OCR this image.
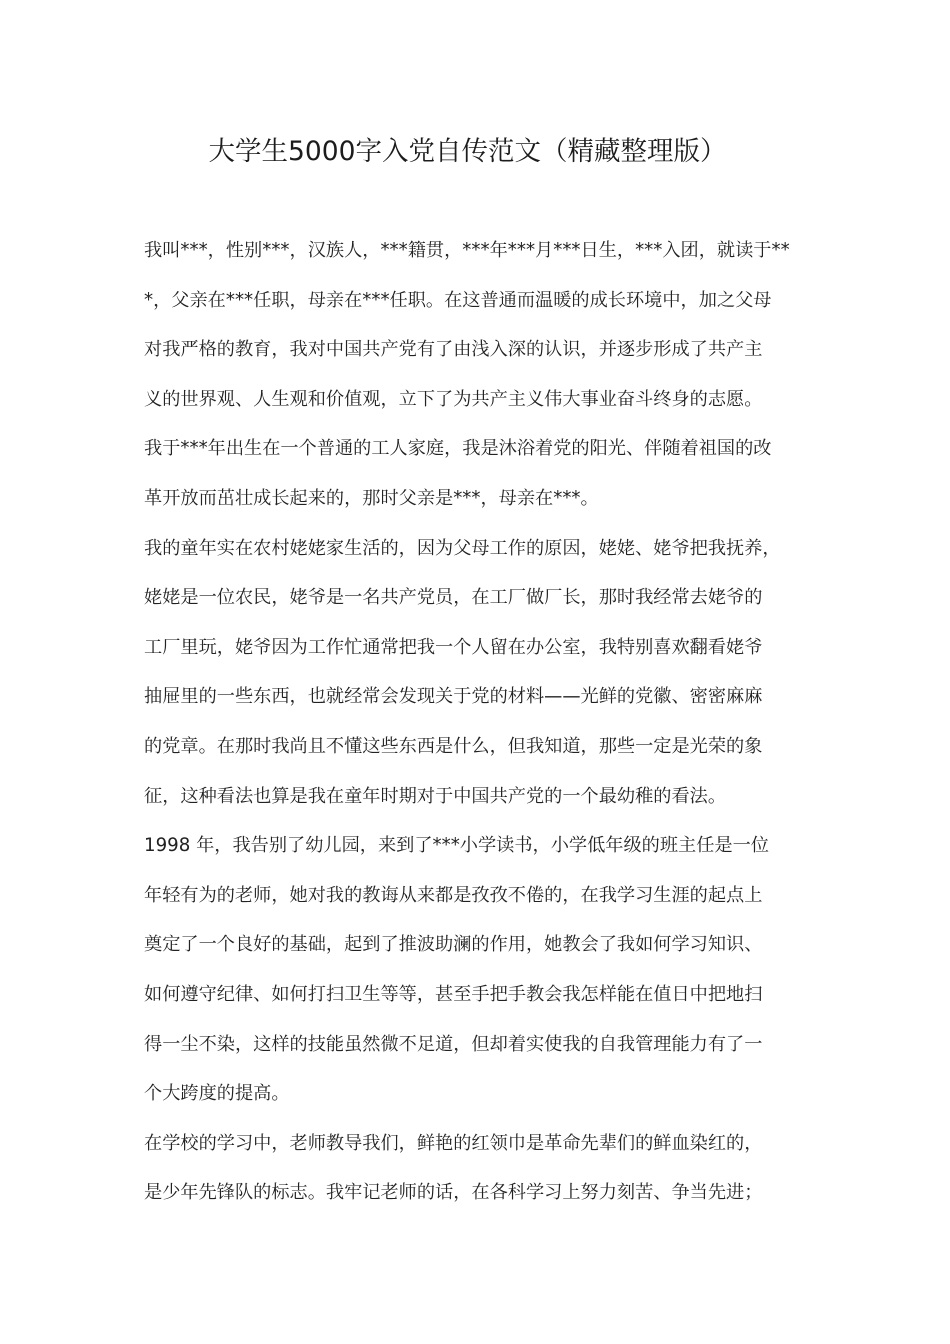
大学生5000字入党自传范文（精藏整理版）
我叫***，性别***，汉族人，***籍贯，***年***月***日生，***入团，就读于**
*，父亲在***任职，母亲在***任职。在这普通而温暖的成长环境中，加之父母
对我严格的教育，我对中国共产党有了由浅入深的认识，并逐步形成了共产主
义的世界观、人生观和价值观，立下了为共产主义伟大事业奋斗终身的志愿。
我于***年出生在一个普通的工人家庭，我是沐浴着党的阳光、伴随着祖国的改
革开放而茁壮成长起来的，那时父亲是***，母亲在***。
我的童年实在农村姥姥家生活的，因为父母工作的原因，姥姥、姥爷把我抚养，
姥姥是一位农民，姥爷是一名共产党员，在工厂做厂长，那时我经常去姥爷的
工厂里玩，姥爷因为工作忙通常把我一个人留在办公室，我特别喜欢翻看姥爷
抽屉里的一些东西，也就经常会发现关于党的材料——光鲜的党徽、密密麻麻
的党章。在那时我尚且不懂这些东西是什么，但我知道，那些一定是光荣的象
征，这种看法也算是我在童年时期对于中国共产党的一个最幼稚的看法。
1998 年，我告别了幼儿园，来到了***小学读书，小学低年级的班主任是一位
年轻有为的老师，她对我的教诲从来都是孜孜不倦的，在我学习生涯的起点上
奠定了一个良好的基础，起到了推波助澜的作用，她教会了我如何学习知识、
如何遵守纪律、如何打扫卫生等等，甚至手把手教会我怎样能在值日中把地扫
得一尘不染，这样的技能虽然微不足道，但却着实使我的自我管理能力有了一
个大跨度的提高。
在学校的学习中，老师教导我们，鲜艳的红领巾是革命先辈们的鲜血染红的，
是少年先锋队的标志。我牢记老师的话，在各科学习上努力刻苦、争当先进；
